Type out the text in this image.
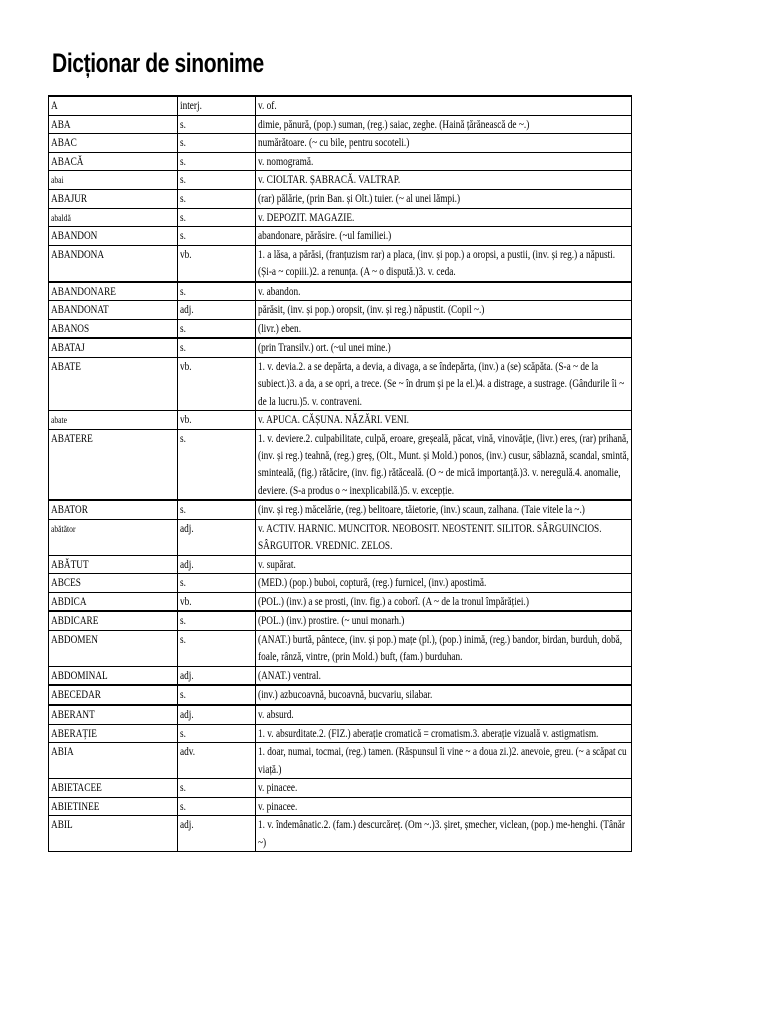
Dicționar de sinonime
A	interj.	v. of.

ABA	s.	dimie, pănură, (pop.) suman, (reg.) saiac, zeghe. (Haină țărănească de ~.)

ABAC	s.	numărătoare. (~ cu bile, pentru socoteli.)

ABACĂ	s.	v. nomogramă.

abai	s.	v. CIOLTAR. ȘABRACĂ. VALTRAP.

ABAJUR	s.	(rar) pălărie, (prin Ban. și Olt.) tuier. (~ al unei lămpi.)

abaldă	s.	v. DEPOZIT. MAGAZIE.

ABANDON	s.	abandonare, părăsire. (~ul familiei.)

ABANDONA	vb.	1. a lăsa, a părăsi, (franțuzism rar) a placa, (inv. și pop.) a oropsi, a pustii, (inv. și reg.) a năpusti. (Și-a ~ copiii.)2. a renunța. (A ~ o dispută.)3. v. ceda.

ABANDONARE	s.	v. abandon.

ABANDONAT	adj.	părăsit, (inv. și pop.) oropsit, (inv. și reg.) năpustit. (Copil ~.)

ABANOS	s.	(livr.) eben.

ABATAJ	s.	(prin Transilv.) ort. (~ul unei mine.)

ABATE	vb.	1. v. devia.2. a se depărta, a devia, a divaga, a se îndepărta, (inv.) a (se) scăpăta. (S-a ~ de la subiect.)3. a da, a se opri, a trece. (Se ~ în drum și pe la el.)4. a distrage, a sustrage. (Gândurile îi ~ de la lucru.)5. v. contraveni.

abate	vb.	v. APUCA. CĂȘUNA. NĂZĂRI. VENI.

ABATERE	s.	1. v. deviere.2. culpabilitate, culpă, eroare, greșeală, păcat, vină, vinovăție, (livr.) eres, (rar) prihană, (inv. și reg.) teahnă, (reg.) greș, (Olt., Munt. și Mold.) ponos, (inv.) cusur, sâblaznă, scandal, smintă, sminteală, (fig.) rătăcire, (inv. fig.) rătăceală. (O ~ de mică importanță.)3. v. neregulă.4. anomalie, deviere. (S-a produs o ~ inexplicabilă.)5. v. excepție.

ABATOR	s.	(inv. și reg.) măcelărie, (reg.) belitoare, tăietorie, (inv.) scaun, zalhana. (Taie vitele la ~.)

abătător	adj.	v. ACTIV. HARNIC. MUNCITOR. NEOBOSIT. NEOSTENIT. SILITOR. SÂRGUINCIOS. SÂRGUITOR. VREDNIC. ZELOS.

ABĂTUT	adj.	v. supărat.

ABCES	s.	(MED.) (pop.) buboi, coptură, (reg.) furnicel, (inv.) apostimă.

ABDICA	vb.	(POL.) (inv.) a se prosti, (inv. fig.) a coborî. (A ~ de la tronul împărăției.)

ABDICARE	s.	(POL.) (inv.) prostire. (~ unui monarh.)

ABDOMEN	s.	(ANAT.) burtă, pântece, (inv. și pop.) mațe (pl.), (pop.) inimă, (reg.) bandor, birdan, burduh, dobă, foale, rânză, vintre, (prin Mold.) buft, (fam.) burduhan.

ABDOMINAL	adj.	(ANAT.) ventral.

ABECEDAR	s.	(inv.) azbucoavnă, bucoavnă, bucvariu, silabar.

ABERANT	adj.	v. absurd.

ABERAȚIE	s.	1. v. absurditate.2. (FIZ.) aberație cromatică = cromatism.3. aberație vizuală v. astigmatism.

ABIA	adv.	1. doar, numai, tocmai, (reg.) tamen. (Răspunsul îi vine ~ a doua zi.)2. anevoie, greu. (~ a scăpat cu viață.)

ABIETACEE	s.	v. pinacee.

ABIETINEE	s.	v. pinacee.

ABIL	adj.	1. v. îndemânatic.2. (fam.) descurcăreț. (Om ~.)3. șiret, șmecher, viclean, (pop.) me-henghi. (Tânăr ~)
